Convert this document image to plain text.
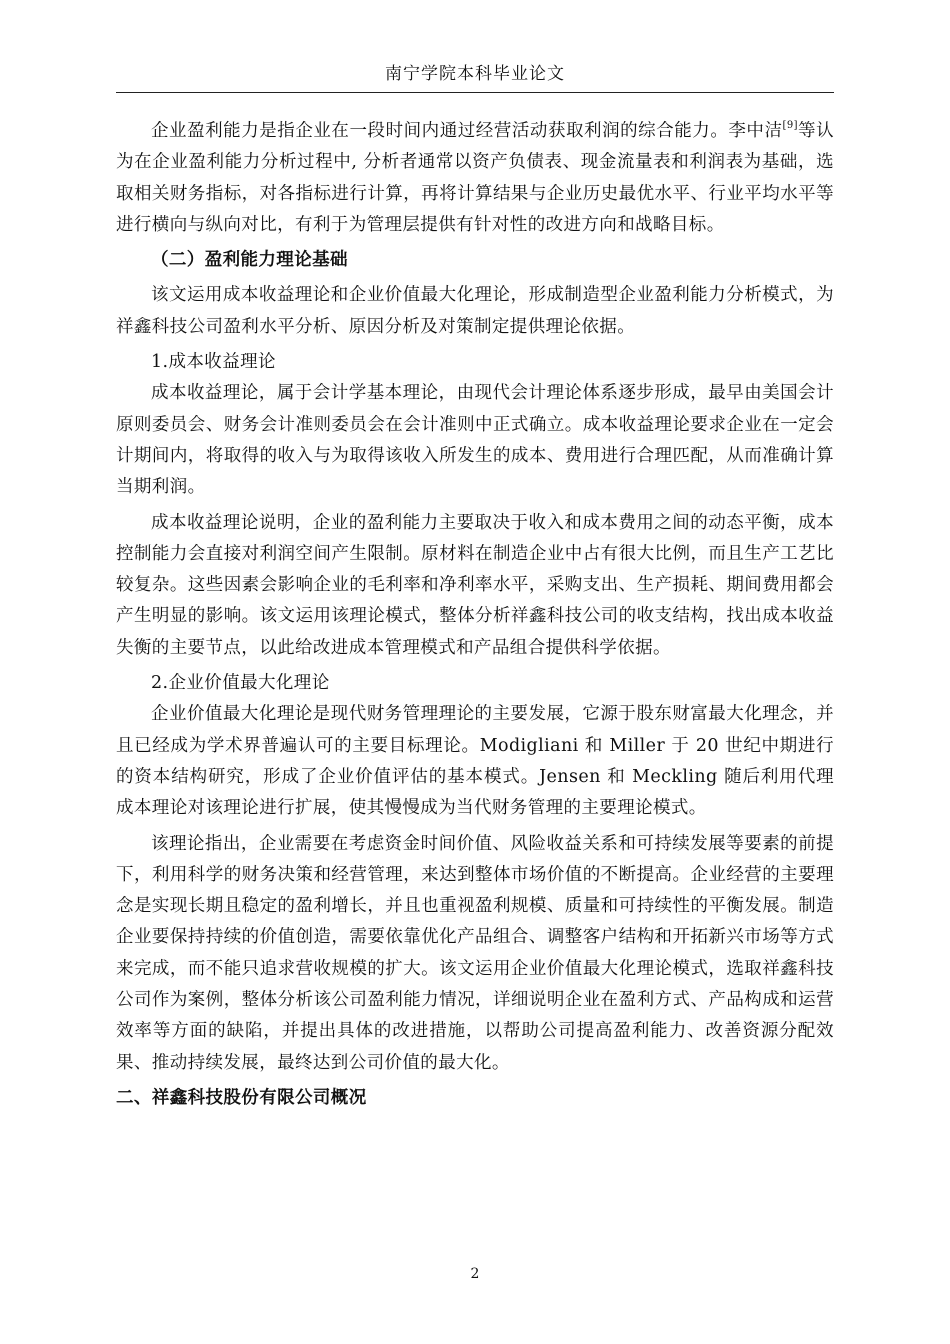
南宁学院本科毕业论文

企业盈利能力是指企业在一段时间内通过经营活动获取利润的综合能力。李中洁[9]等认为在企业盈利能力分析过程中, 分析者通常以资产负债表、现金流量表和利润表为基础，选取相关财务指标，对各指标进行计算，再将计算结果与企业历史最优水平、行业平均水平等进行横向与纵向对比，有利于为管理层提供有针对性的改进方向和战略目标。

（二）盈利能力理论基础

该文运用成本收益理论和企业价值最大化理论，形成制造型企业盈利能力分析模式，为祥鑫科技公司盈利水平分析、原因分析及对策制定提供理论依据。

1.成本收益理论

成本收益理论，属于会计学基本理论，由现代会计理论体系逐步形成，最早由美国会计原则委员会、财务会计准则委员会在会计准则中正式确立。成本收益理论要求企业在一定会计期间内，将取得的收入与为取得该收入所发生的成本、费用进行合理匹配，从而准确计算当期利润。

成本收益理论说明，企业的盈利能力主要取决于收入和成本费用之间的动态平衡，成本控制能力会直接对利润空间产生限制。原材料在制造企业中占有很大比例，而且生产工艺比较复杂。这些因素会影响企业的毛利率和净利率水平，采购支出、生产损耗、期间费用都会产生明显的影响。该文运用该理论模式，整体分析祥鑫科技公司的收支结构，找出成本收益失衡的主要节点，以此给改进成本管理模式和产品组合提供科学依据。

2.企业价值最大化理论

企业价值最大化理论是现代财务管理理论的主要发展，它源于股东财富最大化理念，并且已经成为学术界普遍认可的主要目标理论。Modigliani 和 Miller 于 20 世纪中期进行的资本结构研究，形成了企业价值评估的基本模式。Jensen 和 Meckling 随后利用代理成本理论对该理论进行扩展，使其慢慢成为当代财务管理的主要理论模式。

该理论指出，企业需要在考虑资金时间价值、风险收益关系和可持续发展等要素的前提下，利用科学的财务决策和经营管理，来达到整体市场价值的不断提高。企业经营的主要理念是实现长期且稳定的盈利增长，并且也重视盈利规模、质量和可持续性的平衡发展。制造企业要保持持续的价值创造，需要依靠优化产品组合、调整客户结构和开拓新兴市场等方式来完成，而不能只追求营收规模的扩大。该文运用企业价值最大化理论模式，选取祥鑫科技公司作为案例，整体分析该公司盈利能力情况，详细说明企业在盈利方式、产品构成和运营效率等方面的缺陷，并提出具体的改进措施，以帮助公司提高盈利能力、改善资源分配效果、推动持续发展，最终达到公司价值的最大化。

二、祥鑫科技股份有限公司概况

2
